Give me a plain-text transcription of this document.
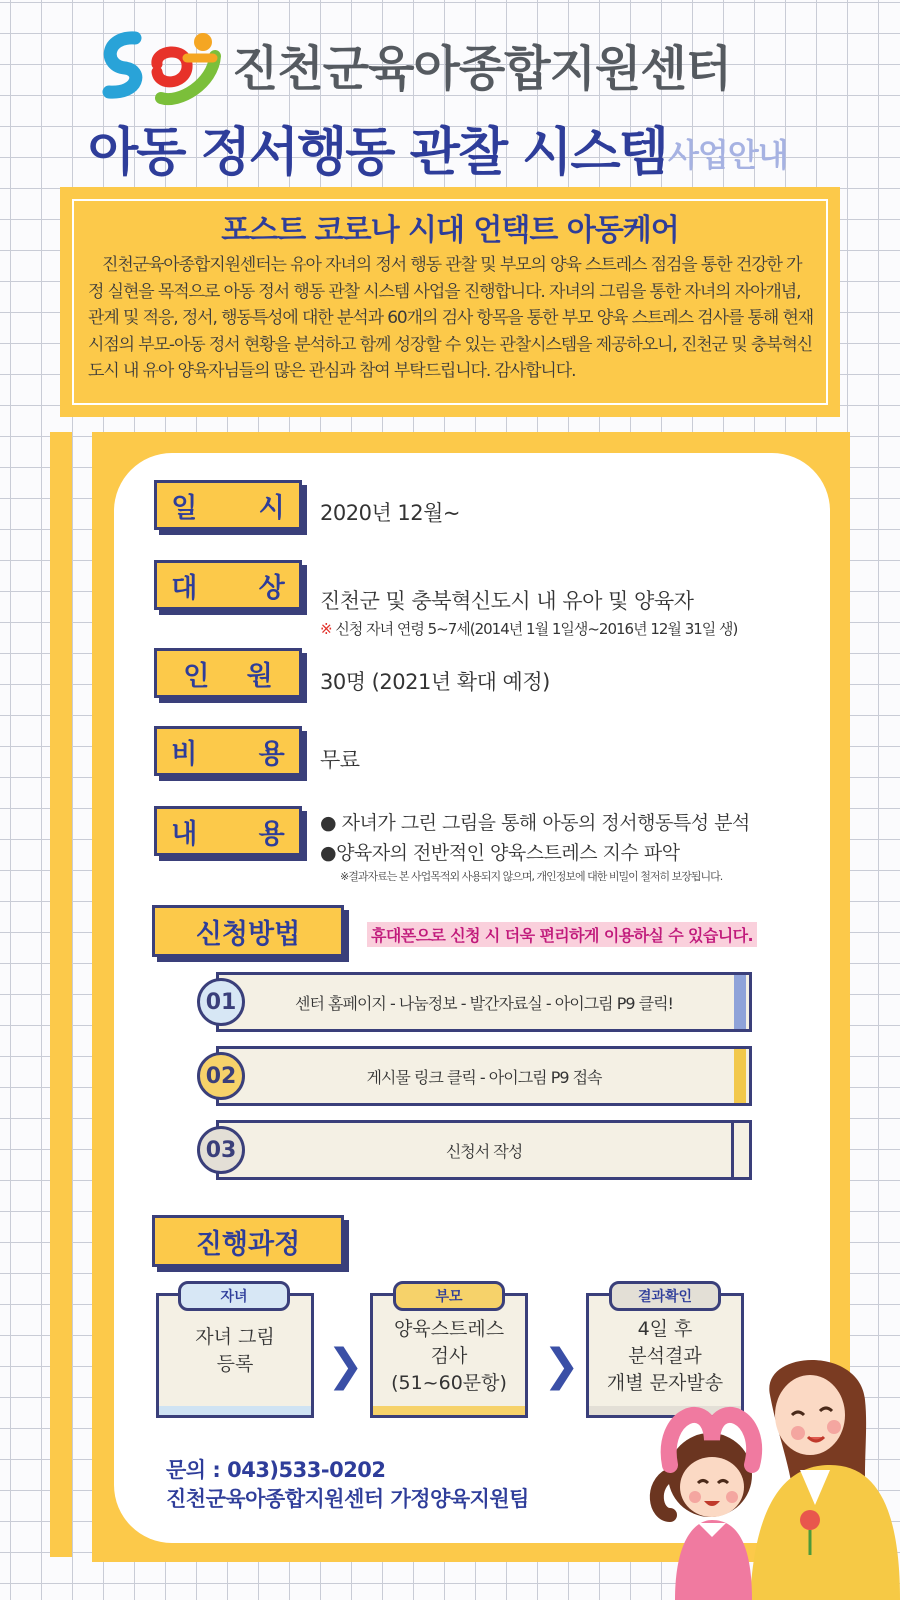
진천군육아종합지원센터
아동 정서행동 관찰 시스템 사업안내
포스트 코로나 시대 언택트 아동케어
진천군육아종합지원센터는 유아 자녀의 정서 행동 관찰 및 부모의 양육 스트레스 점검을 통한 건강한 가정 실현을 목적으로 아동 정서 행동 관찰 시스템 사업을 진행합니다. 자녀의 그림을 통한 자녀의 자아개념, 관계 및 적응, 정서, 행동특성에 대한 분석과 60개의 검사 항목을 통한 부모 양육 스트레스 검사를 통해 현재 시점의 부모-아동 정서 현황을 분석하고 함께 성장할 수 있는 관찰시스템을 제공하오니, 진천군 및 충북혁신도시 내 유아 양육자님들의 많은 관심과 참여 부탁드립니다. 감사합니다.
일 시 2020년 12월~
대 상 진천군 및 충북혁신도시 내 유아 및 양육자
※ 신청 자녀 연령 5~7세(2014년 1월 1일생~2016년 12월 31일 생)
인 원 30명 (2021년 확대 예정)
비 용 무료
내 용 ● 자녀가 그린 그림을 통해 아동의 정서행동특성 분석
●양육자의 전반적인 양육스트레스 지수 파악
※결과자료는 본 사업목적외 사용되지 않으며, 개인정보에 대한 비밀이 철저히 보장됩니다.
신청방법	휴대폰으로 신청 시 더욱 편리하게 이용하실 수 있습니다.
센터 홈페이지 - 나눔정보 - 발간자료실 - 아이그림 P9 클릭!
01
게시물 링크 클릭 - 아이그림 P9 접속
02
신청서 작성
03
진행과정
자녀 그림
등록
자녀
❯
양육스트레스
검사
(51~60문항)
부모
❯
4일 후
분석결과
개별 문자발송
결과확인
문의 : 043)533-0202
진천군육아종합지원센터 가정양육지원팀
